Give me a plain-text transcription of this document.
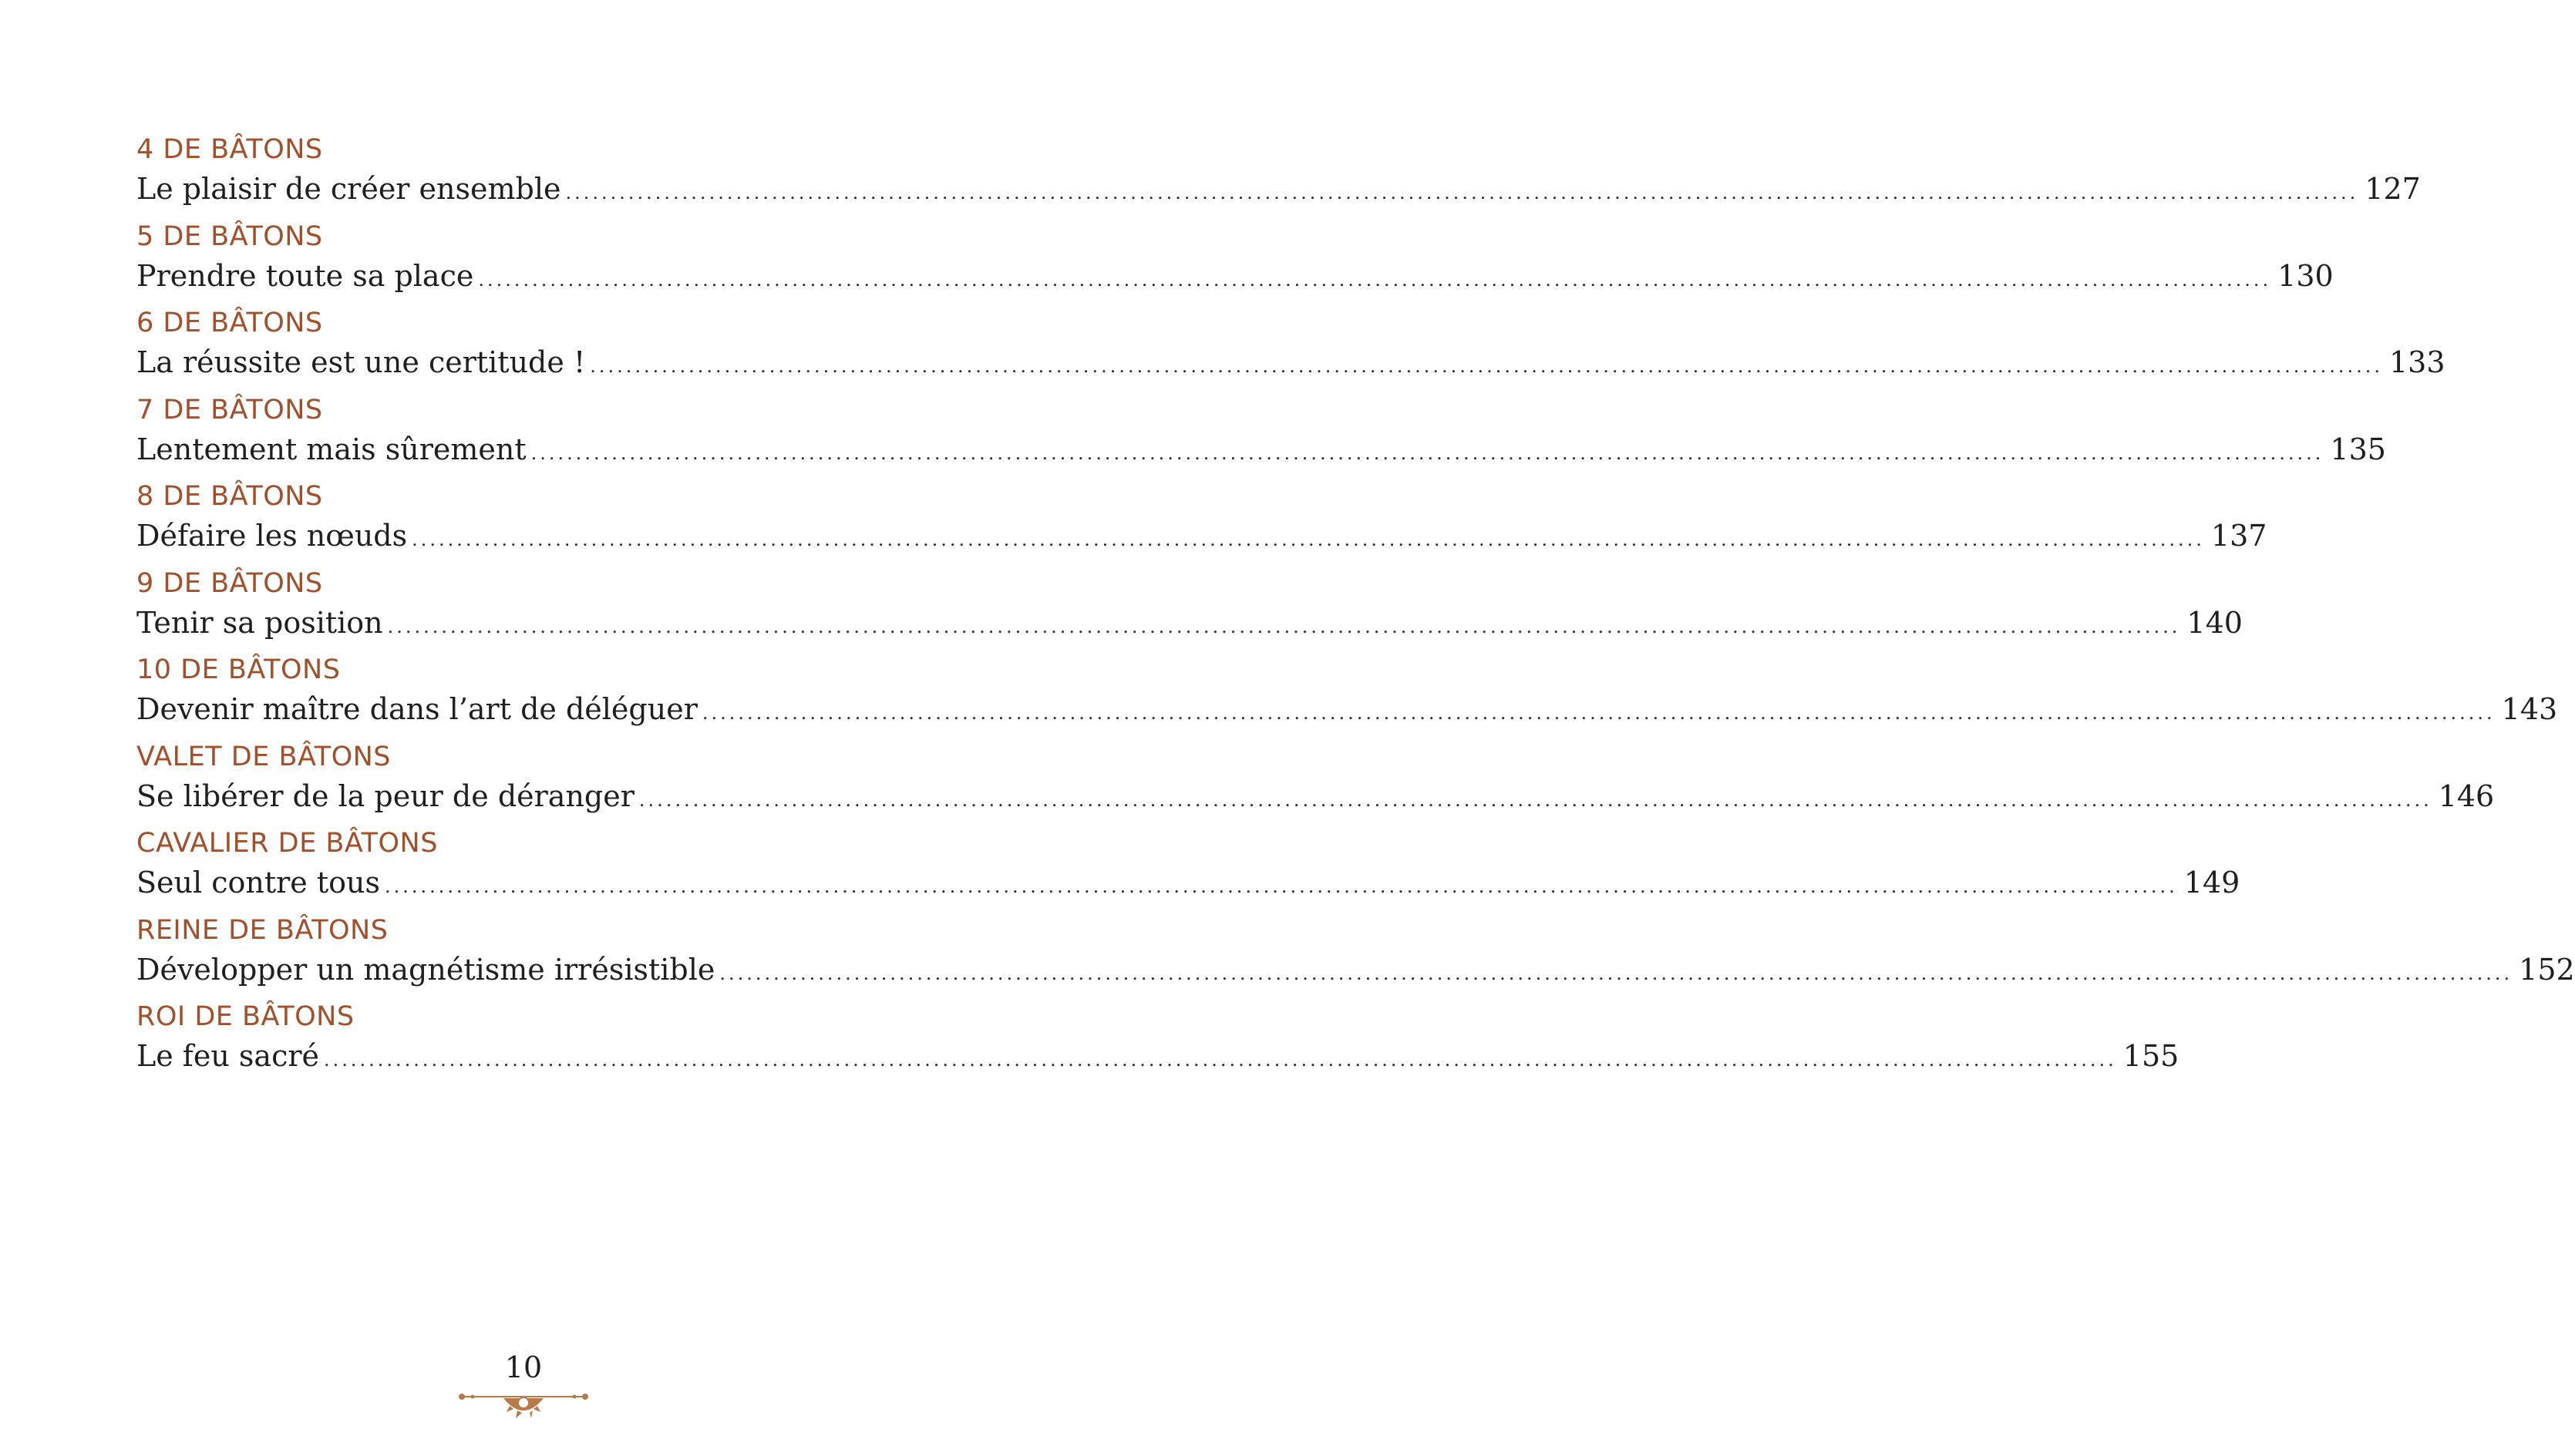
4 DE BÂTONS
Le plaisir de créer ensemble ........................................................................................................................................................................................................ 127
5 DE BÂTONS
Prendre toute sa place ........................................................................................................................................................................................................ 130
6 DE BÂTONS
La réussite est une certitude ! ........................................................................................................................................................................................................ 133
7 DE BÂTONS
Lentement mais sûrement ........................................................................................................................................................................................................ 135
8 DE BÂTONS
Défaire les nœuds ........................................................................................................................................................................................................ 137
9 DE BÂTONS
Tenir sa position ........................................................................................................................................................................................................ 140
10 DE BÂTONS
Devenir maître dans l’art de déléguer ........................................................................................................................................................................................................ 143
VALET DE BÂTONS
Se libérer de la peur de déranger ........................................................................................................................................................................................................ 146
CAVALIER DE BÂTONS
Seul contre tous ........................................................................................................................................................................................................ 149
REINE DE BÂTONS
Développer un magnétisme irrésistible ........................................................................................................................................................................................................ 152
ROI DE BÂTONS
Le feu sacré ........................................................................................................................................................................................................ 155
10
